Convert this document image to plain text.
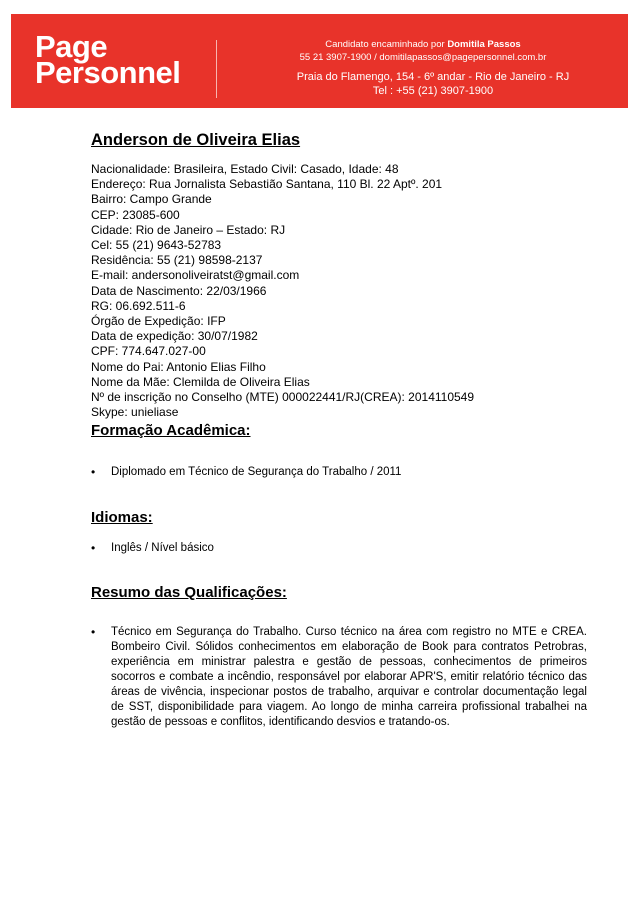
Page
Personnel
Candidato encaminhado por Domitila Passos
55 21 3907-1900 / domitilapassos@pagepersonnel.com.br
Praia do Flamengo, 154 - 6º andar - Rio de Janeiro - RJ
Tel : +55 (21) 3907-1900
Anderson de Oliveira Elias
Nacionalidade: Brasileira, Estado Civil: Casado, Idade: 48
Endereço: Rua Jornalista Sebastião Santana, 110 Bl. 22 Aptº. 201
Bairro: Campo Grande
CEP: 23085-600
Cidade: Rio de Janeiro – Estado: RJ
Cel: 55 (21) 9643-52783
Residência: 55 (21) 98598-2137
E-mail: andersonoliveiratst@gmail.com
Data de Nascimento: 22/03/1966
RG: 06.692.511-6
Órgão de Expedição: IFP
Data de expedição: 30/07/1982
CPF: 774.647.027-00
Nome do Pai: Antonio Elias Filho
Nome da Mãe: Clemilda de Oliveira Elias
Nº de inscrição no Conselho (MTE) 000022441/RJ(CREA): 2014110549
Skype: unieliase
Formação Acadêmica:
•	Diplomado em Técnico de Segurança do Trabalho / 2011
Idiomas:
•	Inglês / Nível básico
Resumo das Qualificações:
•	Técnico em Segurança do Trabalho. Curso técnico na área com registro no MTE e CREA. Bombeiro Civil. Sólidos conhecimentos em elaboração de Book para contratos Petrobras, experiência em ministrar palestra e gestão de pessoas, conhecimentos de primeiros socorros e combate a incêndio, responsável por elaborar APR'S, emitir relatório técnico das áreas de vivência, inspecionar postos de trabalho, arquivar e controlar documentação legal de SST, disponibilidade para viagem. Ao longo de minha carreira profissional trabalhei na gestão de pessoas e conflitos, identificando desvios e tratando-os.
